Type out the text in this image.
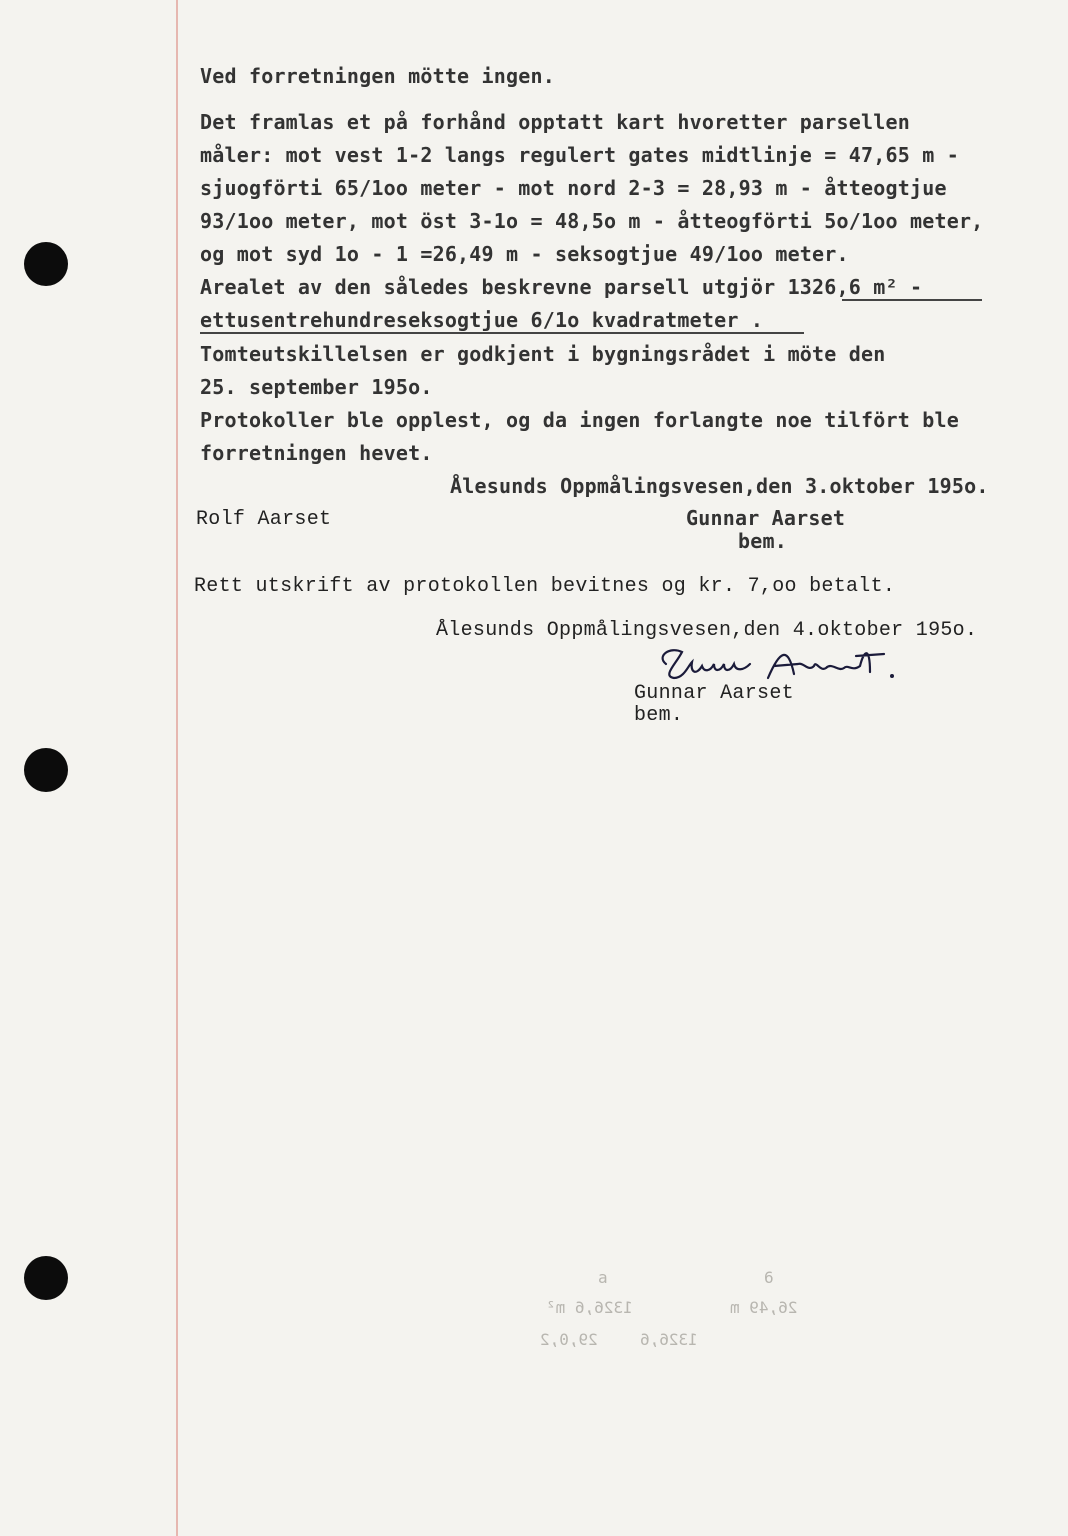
Ved forretningen mötte ingen.
Det framlas et på forhånd opptatt kart hvoretter parsellen
måler: mot vest 1-2 langs regulert gates midtlinje = 47,65 m -
sjuogförti 65/1oo meter - mot nord 2-3 = 28,93 m - åtteogtjue
93/1oo meter, mot öst 3-1o = 48,5o m - åtteogförti 5o/1oo meter,
og mot syd 1o - 1 =26,49 m - seksogtjue 49/1oo meter.
Arealet av den således beskrevne parsell utgjör 1326,6 m² -
ettusentrehundreseksogtjue 6/1o kvadratmeter .
Tomteutskillelsen er godkjent i bygningsrådet i möte den
25. september 195o.
Protokoller ble opplest, og da ingen forlangte noe tilfört ble
forretningen hevet.
Ålesunds Oppmålingsvesen,den 3.oktober 195o.
Rolf Aarset	Gunnar Aarset
bem.
Rett utskrift av protokollen bevitnes og kr. 7,oo betalt.
Ålesunds Oppmålingsvesen,den 4.oktober 195o.
Gunnar Aarset
bem.
a	6
1326,6 m²	26,49 m
1326,6
29,0,2
